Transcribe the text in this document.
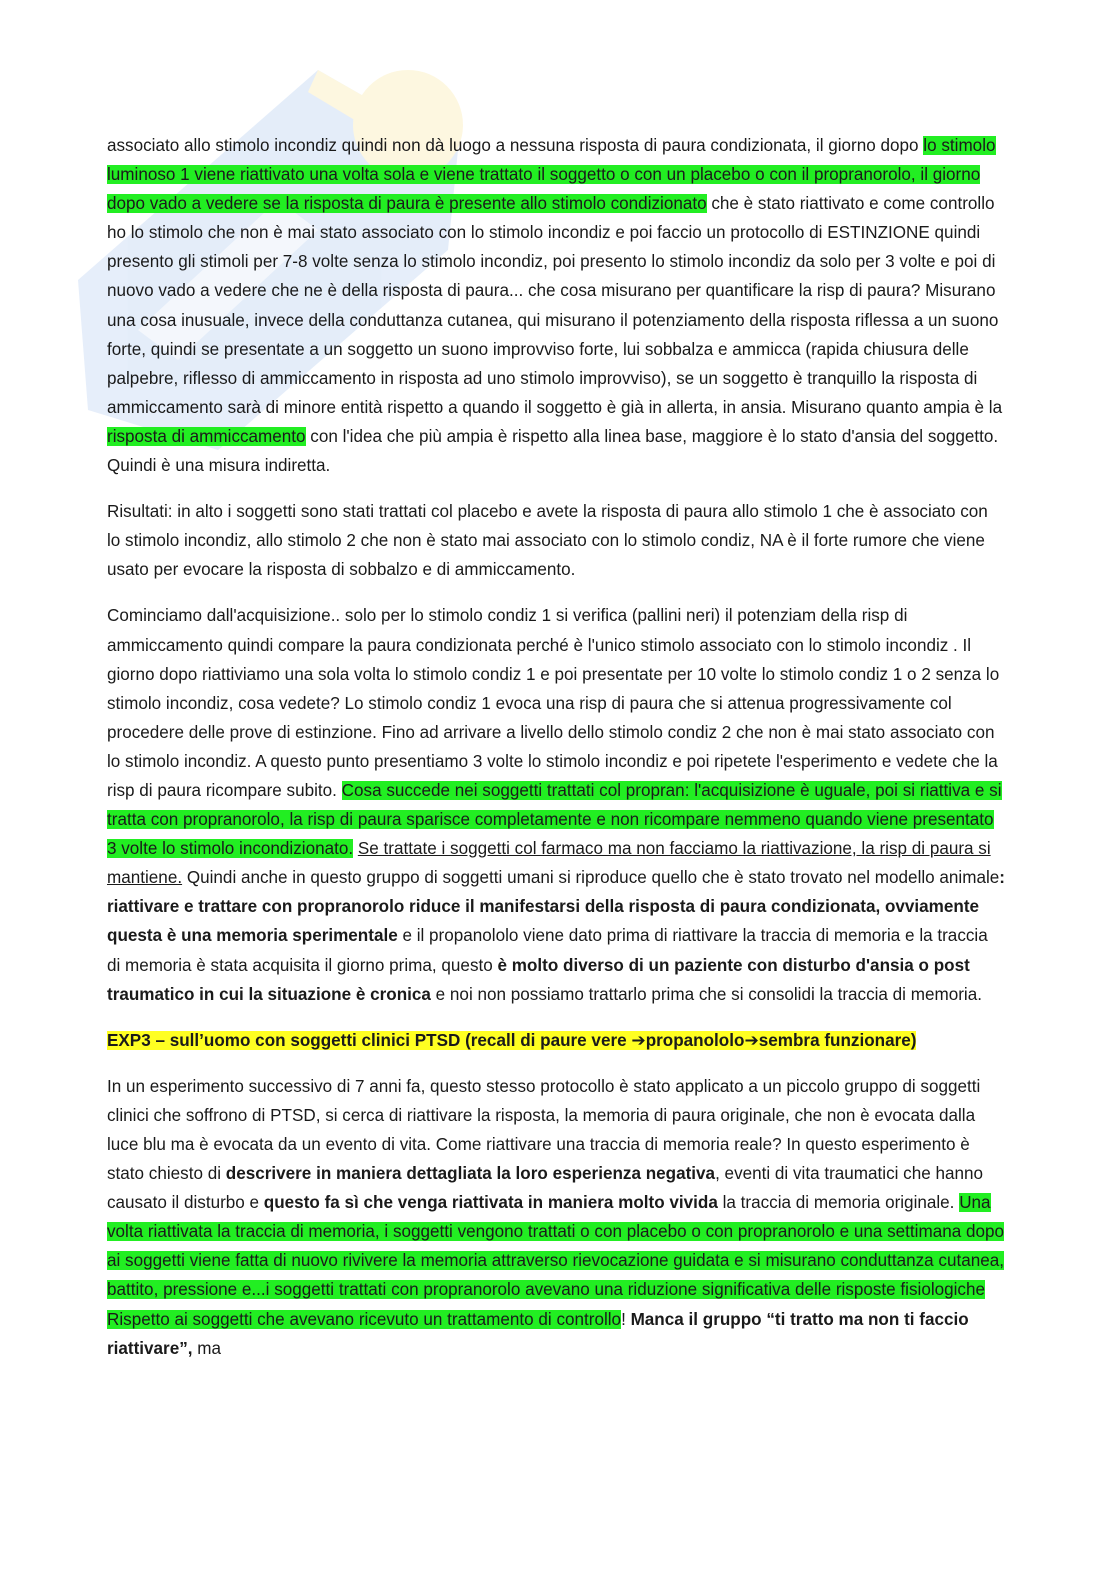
associato allo stimolo incondiz quindi non dà luogo a nessuna risposta di paura condizionata, il giorno dopo lo stimolo luminoso 1 viene riattivato una volta sola e viene trattato il soggetto o con un placebo o con il propranorolo, il giorno dopo vado a vedere se la risposta di paura è presente allo stimolo condizionato che è stato riattivato e come controllo ho lo stimolo che non è mai stato associato con lo stimolo incondiz e poi faccio un protocollo di ESTINZIONE quindi presento gli stimoli per 7-8 volte senza lo stimolo incondiz, poi presento lo stimolo incondiz da solo per 3 volte e poi di nuovo vado a vedere che ne è della risposta di paura... che cosa misurano per quantificare la risp di paura? Misurano una cosa inusuale, invece della conduttanza cutanea, qui misurano il potenziamento della risposta riflessa a un suono forte, quindi se presentate a un soggetto un suono improvviso forte, lui sobbalza e ammicca (rapida chiusura delle palpebre, riflesso di ammiccamento in risposta ad uno stimolo improvviso), se un soggetto è tranquillo la risposta di ammiccamento sarà di minore entità rispetto a quando il soggetto è già in allerta, in ansia. Misurano quanto ampia è la risposta di ammiccamento con l'idea che più ampia è rispetto alla linea base, maggiore è lo stato d'ansia del soggetto. Quindi è una misura indiretta.

Risultati: in alto i soggetti sono stati trattati col placebo e avete la risposta di paura allo stimolo 1 che è associato con lo stimolo incondiz, allo stimolo 2 che non è stato mai associato con lo stimolo condiz, NA è il forte rumore che viene usato per evocare la risposta di sobbalzo e di ammiccamento.

Cominciamo dall'acquisizione.. solo per lo stimolo condiz 1 si verifica (pallini neri) il potenziam della risp di ammiccamento quindi compare la paura condizionata perché è l'unico stimolo associato con lo stimolo incondiz . Il giorno dopo riattiviamo una sola volta lo stimolo condiz 1 e poi presentate per 10 volte lo stimolo condiz 1 o 2 senza lo stimolo incondiz, cosa vedete? Lo stimolo condiz 1 evoca una risp di paura che si attenua progressivamente col procedere delle prove di estinzione. Fino ad arrivare a livello dello stimolo condiz 2 che non è mai stato associato con lo stimolo incondiz. A questo punto presentiamo 3 volte lo stimolo incondiz e poi ripetete l'esperimento e vedete che la risp di paura ricompare subito. Cosa succede nei soggetti trattati col propran: l'acquisizione è uguale, poi si riattiva e si tratta con propranorolo, la risp di paura sparisce completamente e non ricompare nemmeno quando viene presentato 3 volte lo stimolo incondizionato. Se trattate i soggetti col farmaco ma non facciamo la riattivazione, la risp di paura si mantiene. Quindi anche in questo gruppo di soggetti umani si riproduce quello che è stato trovato nel modello animale: riattivare e trattare con propranorolo riduce il manifestarsi della risposta di paura condizionata, ovviamente questa è una memoria sperimentale e il propanololo viene dato prima di riattivare la traccia di memoria e la traccia di memoria è stata acquisita il giorno prima, questo è molto diverso di un paziente con disturbo d'ansia o post traumatico in cui la situazione è cronica e noi non possiamo trattarlo prima che si consolidi la traccia di memoria.

EXP3 – sull’uomo con soggetti clinici PTSD (recall di paure vere ➔propanololo➔sembra funzionare)

In un esperimento successivo di 7 anni fa, questo stesso protocollo è stato applicato a un piccolo gruppo di soggetti clinici che soffrono di PTSD, si cerca di riattivare la risposta, la memoria di paura originale, che non è evocata dalla luce blu ma è evocata da un evento di vita. Come riattivare una traccia di memoria reale? In questo esperimento è stato chiesto di descrivere in maniera dettagliata la loro esperienza negativa, eventi di vita traumatici che hanno causato il disturbo e questo fa sì che venga riattivata in maniera molto vivida la traccia di memoria originale. Una volta riattivata la traccia di memoria, i soggetti vengono trattati o con placebo o con propranorolo e una settimana dopo ai soggetti viene fatta di nuovo rivivere la memoria attraverso rievocazione guidata e si misurano conduttanza cutanea, battito, pressione e...i soggetti trattati con propranorolo avevano una riduzione significativa delle risposte fisiologiche Rispetto ai soggetti che avevano ricevuto un trattamento di controllo! Manca il gruppo “ti tratto ma non ti faccio riattivare”, ma
